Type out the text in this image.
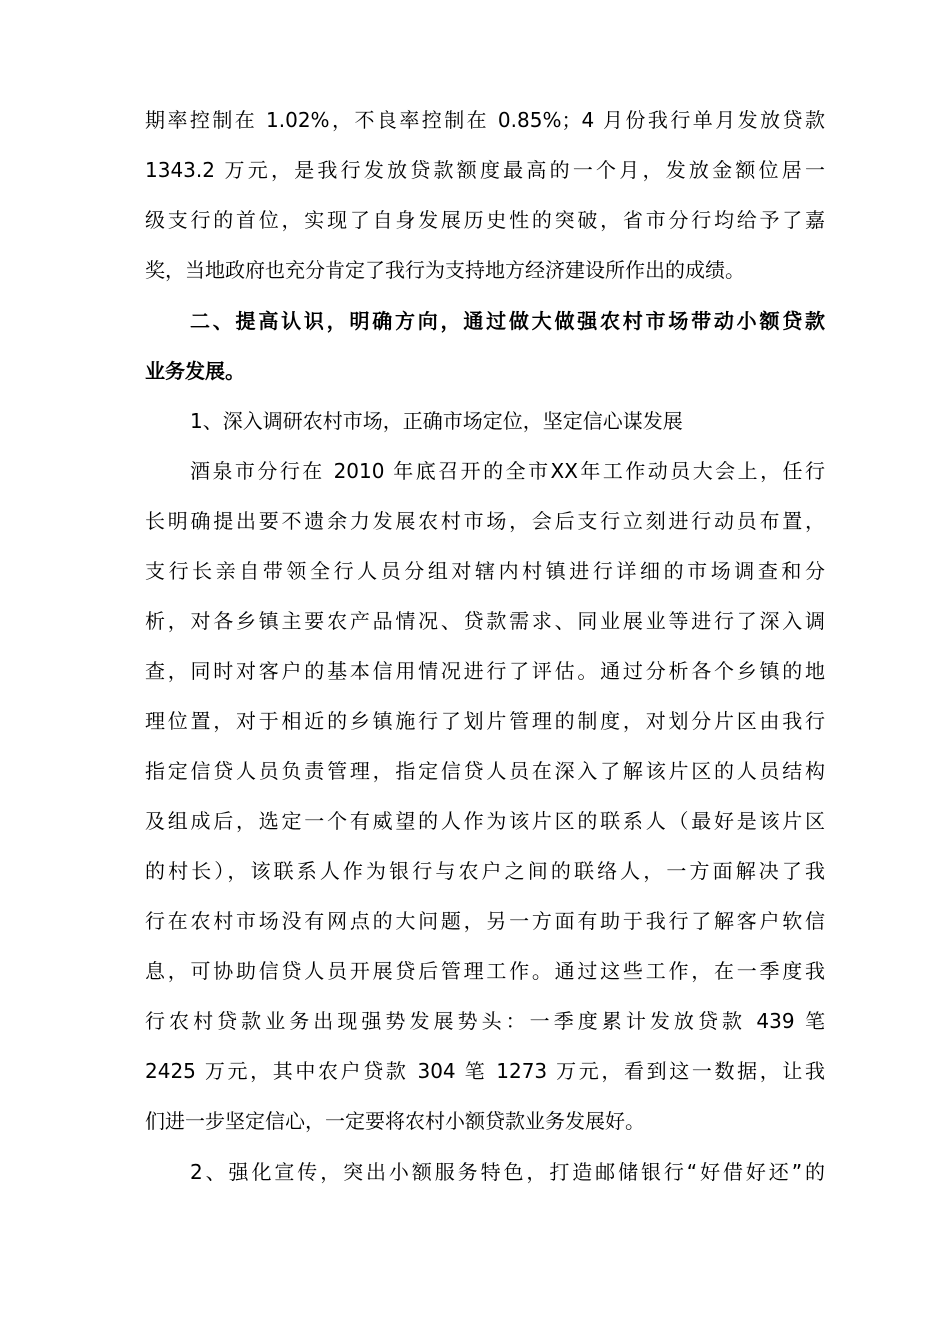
期率控制在 1.02%，不良率控制在 0.85%；4 月份我行单月发放贷款
1343.2 万元，是我行发放贷款额度最高的一个月，发放金额位居一
级支行的首位，实现了自身发展历史性的突破，省市分行均给予了嘉
奖，当地政府也充分肯定了我行为支持地方经济建设所作出的成绩。
二、提高认识，明确方向，通过做大做强农村市场带动小额贷款
业务发展。
1、深入调研农村市场，正确市场定位，坚定信心谋发展
酒泉市分行在 2010 年底召开的全市XX年工作动员大会上，任行
长明确提出要不遗余力发展农村市场，会后支行立刻进行动员布置，
支行长亲自带领全行人员分组对辖内村镇进行详细的市场调查和分
析，对各乡镇主要农产品情况、贷款需求、同业展业等进行了深入调
查，同时对客户的基本信用情况进行了评估。通过分析各个乡镇的地
理位置，对于相近的乡镇施行了划片管理的制度，对划分片区由我行
指定信贷人员负责管理，指定信贷人员在深入了解该片区的人员结构
及组成后，选定一个有威望的人作为该片区的联系人（最好是该片区
的村长），该联系人作为银行与农户之间的联络人，一方面解决了我
行在农村市场没有网点的大问题，另一方面有助于我行了解客户软信
息，可协助信贷人员开展贷后管理工作。通过这些工作，在一季度我
行农村贷款业务出现强势发展势头：一季度累计发放贷款 439 笔
2425 万元，其中农户贷款 304 笔 1273 万元，看到这一数据，让我
们进一步坚定信心，一定要将农村小额贷款业务发展好。
2、强化宣传，突出小额服务特色，打造邮储银行“好借好还”的
